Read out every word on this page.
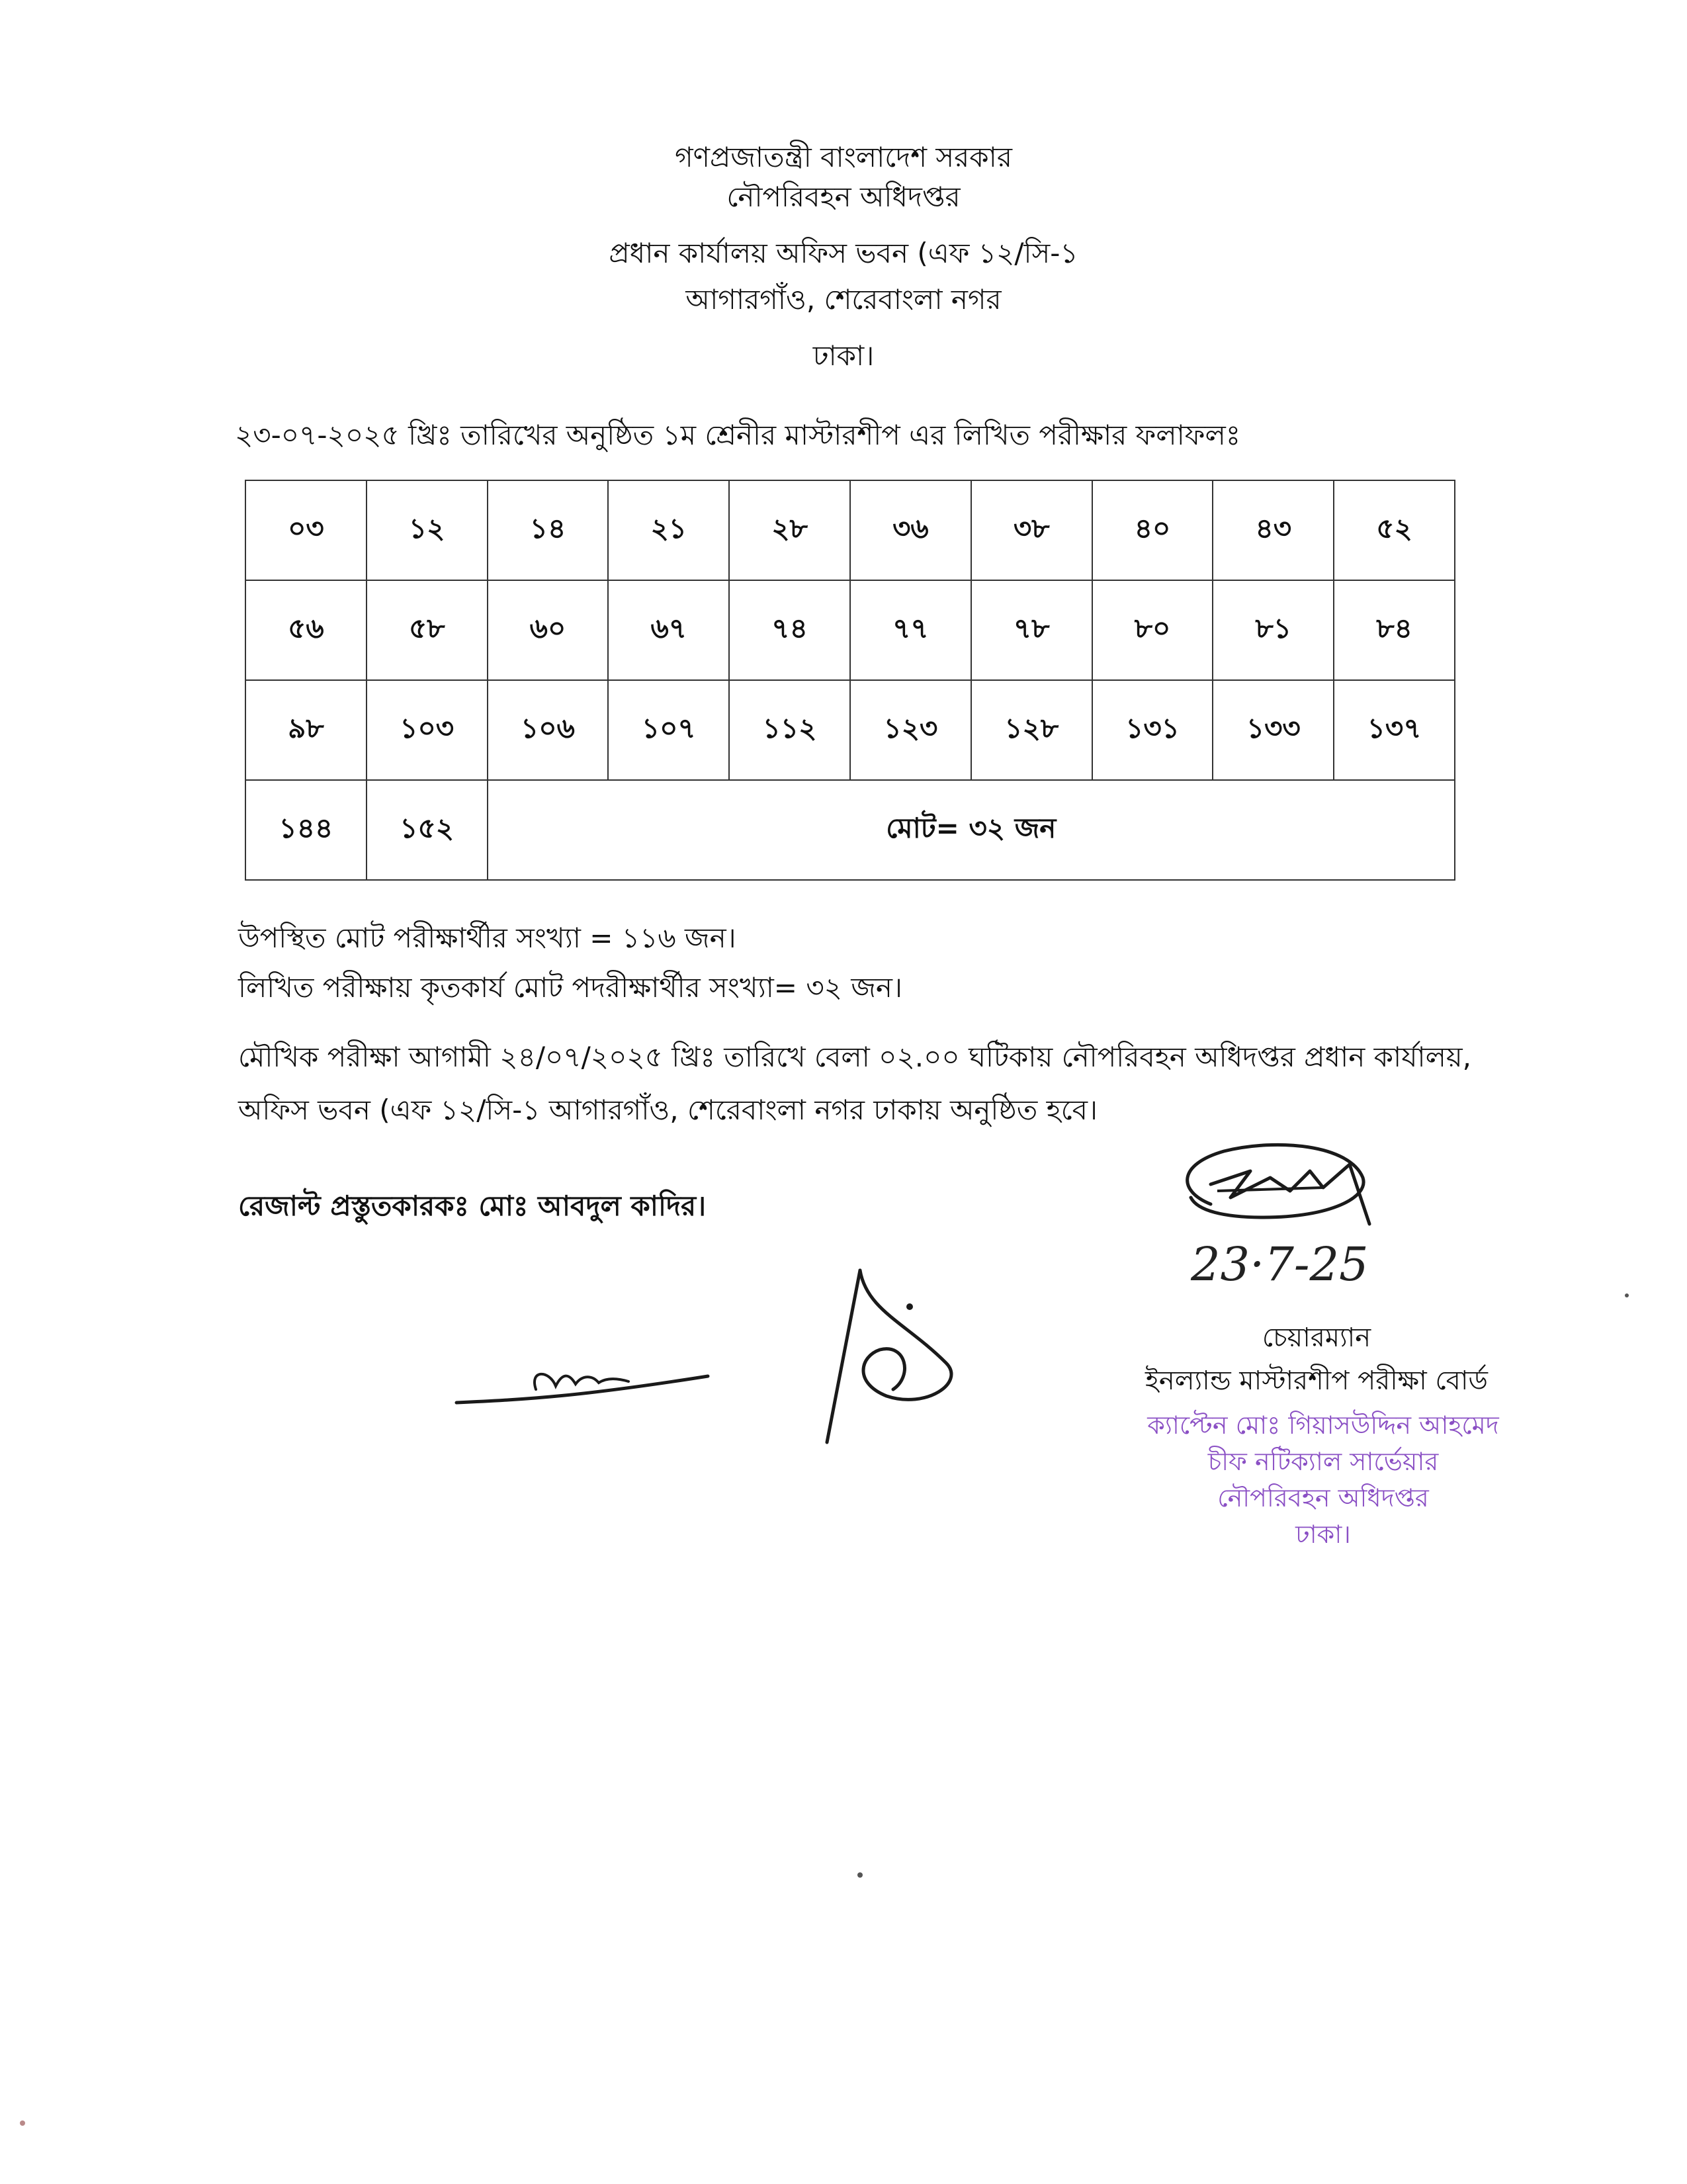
গণপ্রজাতন্ত্রী বাংলাদেশ সরকার
নৌপরিবহন অধিদপ্তর
প্রধান কার্যালয় অফিস ভবন (এফ ১২/সি-১
আগারগাঁও, শেরেবাংলা নগর
ঢাকা।
২৩-০৭-২০২৫ খ্রিঃ তারিখের অনুষ্ঠিত ১ম শ্রেনীর মাস্টারশীপ এর লিখিত পরীক্ষার ফলাফলঃ
০৩	১২	১৪	২১	২৮	৩৬	৩৮	৪০	৪৩	৫২
৫৬	৫৮	৬০	৬৭	৭৪	৭৭	৭৮	৮০	৮১	৮৪
৯৮	১০৩	১০৬	১০৭	১১২	১২৩	১২৮	১৩১	১৩৩	১৩৭
১৪৪	১৫২	মোট= ৩২ জন							
উপস্থিত মোট পরীক্ষার্থীর সংখ্যা = ১১৬ জন।
লিখিত পরীক্ষায় কৃতকার্য মোট পদরীক্ষার্থীর সংখ্যা= ৩২ জন।
মৌখিক পরীক্ষা আগামী ২৪/০৭/২০২৫ খ্রিঃ তারিখে বেলা ০২.০০ ঘটিকায় নৌপরিবহন অধিদপ্তর প্রধান কার্যালয়,
অফিস ভবন (এফ ১২/সি-১ আগারগাঁও, শেরেবাংলা নগর ঢাকায় অনুষ্ঠিত হবে।
রেজাল্ট প্রস্তুতকারকঃ মোঃ আবদুল কাদির।
23·7-25
চেয়ারম্যান
ইনল্যান্ড মাস্টারশীপ পরীক্ষা বোর্ড
ক্যাপ্টেন মোঃ গিয়াসউদ্দিন আহমেদ
চীফ নটিক্যাল সার্ভেয়ার
নৌপরিবহন অধিদপ্তর
ঢাকা।
